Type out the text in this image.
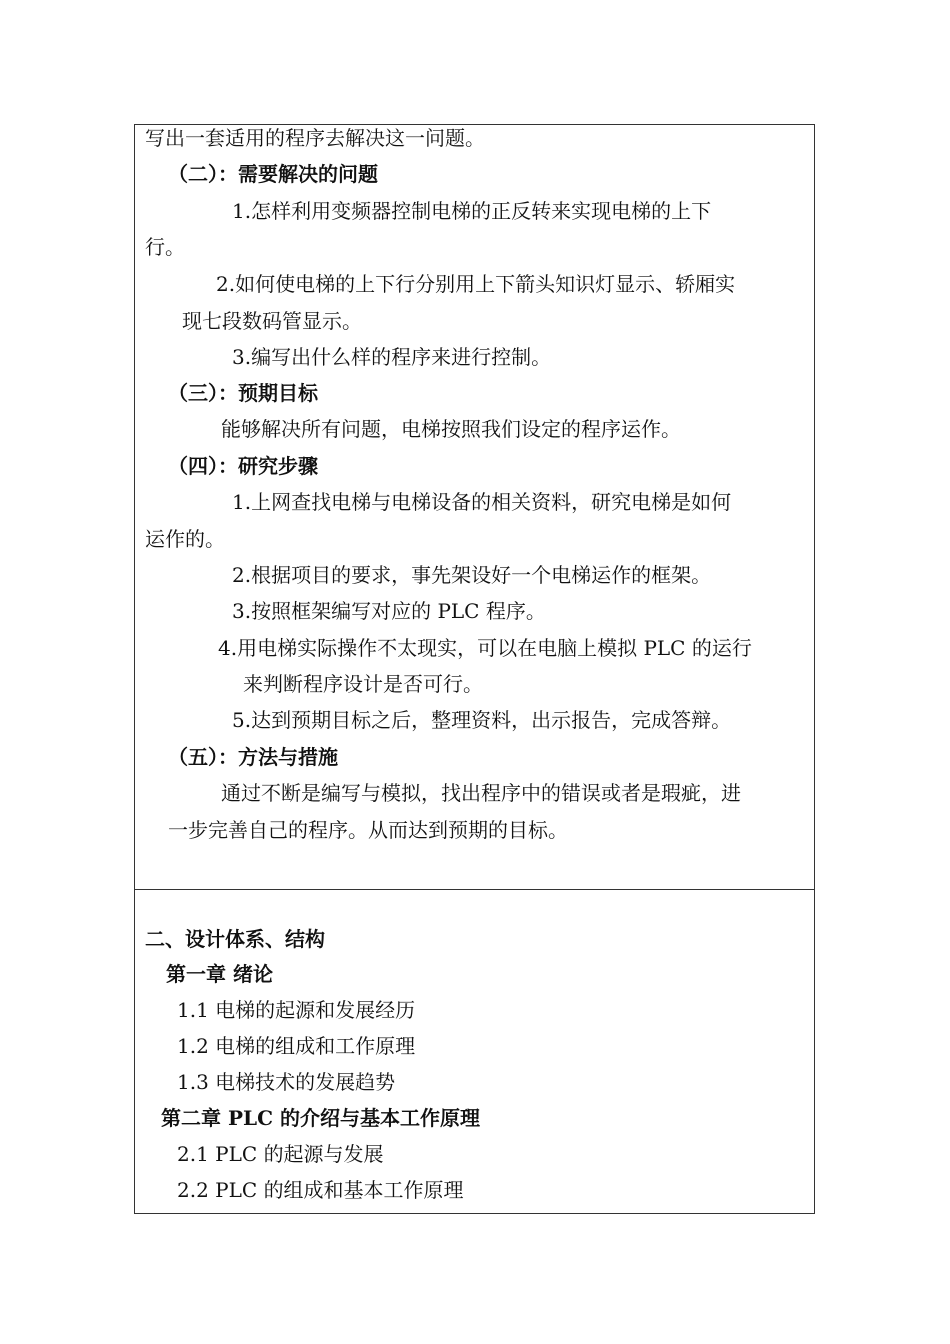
写出一套适用的程序去解决这一问题。
（二）：需要解决的问题
1.怎样利用变频器控制电梯的正反转来实现电梯的上下
行。
2.如何使电梯的上下行分别用上下箭头知识灯显示、轿厢实
现七段数码管显示。
3.编写出什么样的程序来进行控制。
（三）：预期目标
能够解决所有问题，电梯按照我们设定的程序运作。
（四）：研究步骤
1.上网查找电梯与电梯设备的相关资料，研究电梯是如何
运作的。
2.根据项目的要求，事先架设好一个电梯运作的框架。
3.按照框架编写对应的 PLC 程序。
4.用电梯实际操作不太现实，可以在电脑上模拟 PLC 的运行
来判断程序设计是否可行。
5.达到预期目标之后，整理资料，出示报告，完成答辩。
（五）：方法与措施
通过不断是编写与模拟，找出程序中的错误或者是瑕疵，进
一步完善自己的程序。从而达到预期的目标。
二、设计体系、结构
第一章 绪论
1.1 电梯的起源和发展经历
1.2 电梯的组成和工作原理
1.3 电梯技术的发展趋势
第二章 PLC 的介绍与基本工作原理
2.1 PLC 的起源与发展
2.2 PLC 的组成和基本工作原理
